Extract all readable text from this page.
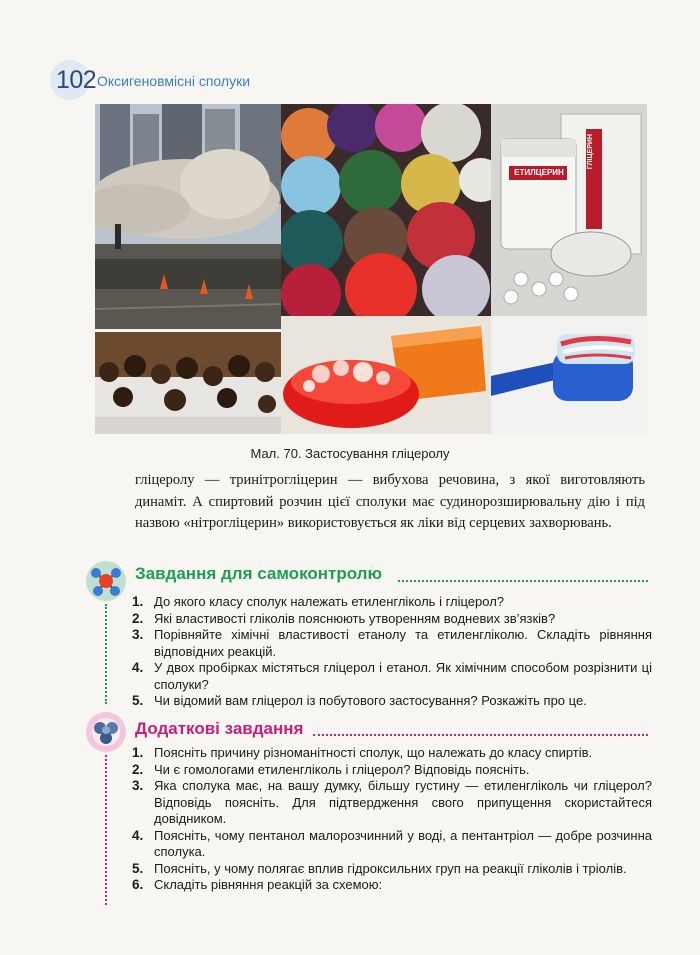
102 Оксигеновмісні сполуки
ЕТИЛЦЕРИН
ГЛІЦЕРИН
Мал. 70. Застосування гліцеролу
гліцеролу — тринітрогліцерин — вибухова речовина, з якої виготовляють динаміт. А спиртовий розчин цієї сполуки має судинорозширювальну дію і під назвою «нітрогліцерин» використовується як ліки від серцевих захворювань.
Завдання для самоконтролю
1. До якого класу сполук належать етиленгліколь і гліцерол?
2. Які властивості гліколів пояснюють утворенням водневих зв’язків?
3. Порівняйте хімічні властивості етанолу та етиленгліколю. Складіть рівняння відповідних реакцій.
4. У двох пробірках містяться гліцерол і етанол. Як хімічним способом розрізнити ці сполуки?
5. Чи відомий вам гліцерол із побутового застосування? Розкажіть про це.
Додаткові завдання
1. Поясніть причину різноманітності сполук, що належать до класу спиртів.
2. Чи є гомологами етиленгліколь і гліцерол? Відповідь поясніть.
3. Яка сполука має, на вашу думку, більшу густину — етиленгліколь чи гліцерол? Відповідь поясніть. Для підтвердження свого припущення скористайтеся довідником.
4. Поясніть, чому пентанол малорозчинний у воді, а пентантріол — добре розчинна сполука.
5. Поясніть, у чому полягає вплив гідроксильних груп на реакції гліколів і тріолів.
6. Складіть рівняння реакцій за схемою:
